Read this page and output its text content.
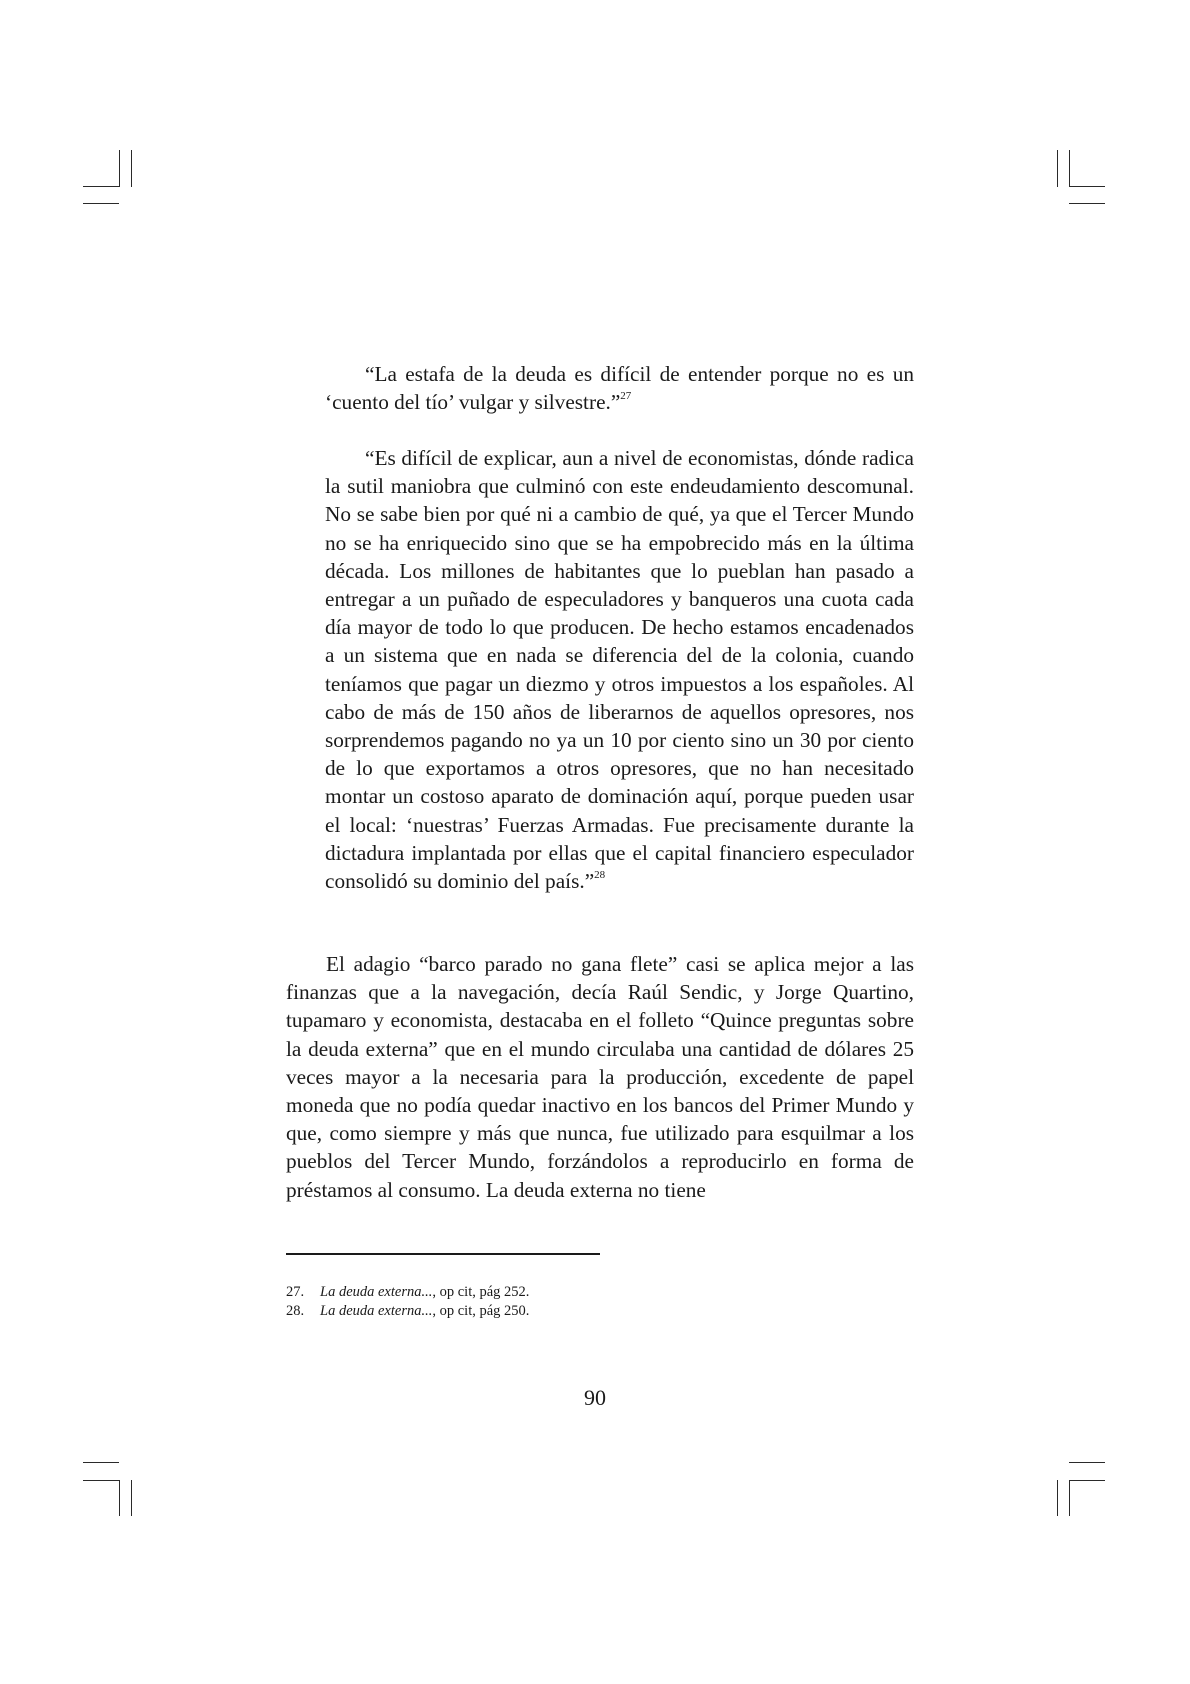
“La estafa de la deuda es difícil de entender porque no es un ‘cuento del tío’ vulgar y silvestre.”$^{27}$

“Es difícil de explicar, aun a nivel de economistas, dónde radica la sutil maniobra que culminó con este endeudamiento descomunal. No se sabe bien por qué ni a cambio de qué, ya que el Tercer Mundo no se ha enriquecido sino que se ha empobrecido más en la última década. Los millones de habitantes que lo pueblan han pasado a entregar a un puñado de especuladores y banqueros una cuota cada día mayor de todo lo que producen. De hecho estamos encadenados a un sistema que en nada se diferencia del de la colonia, cuando teníamos que pagar un diezmo y otros impuestos a los españoles. Al cabo de más de 150 años de liberarnos de aquellos opresores, nos sorprendemos pagando no ya un 10 por ciento sino un 30 por ciento de lo que exportamos a otros opresores, que no han necesitado montar un costoso aparato de dominación aquí, porque pueden usar el local: ‘nuestras’ Fuerzas Armadas. Fue precisamente durante la dictadura implantada por ellas que el capital financiero especulador consolidó su dominio del país.”$^{28}$

El adagio “barco parado no gana flete” casi se aplica mejor a las finanzas que a la navegación, decía Raúl Sendic, y Jorge Quartino, tupamaro y economista, destacaba en el folleto “Quince preguntas sobre la deuda externa” que en el mundo circulaba una cantidad de dólares 25 veces mayor a la necesaria para la producción, excedente de papel moneda que no podía quedar inactivo en los bancos del Primer Mundo y que, como siempre y más que nunca, fue utilizado para esquilmar a los pueblos del Tercer Mundo, forzándolos a reproducirlo en forma de préstamos al consumo. La deuda externa no tiene

27. La deuda externa..., op cit, pág 252.
28. La deuda externa..., op cit, pág 250.
90
